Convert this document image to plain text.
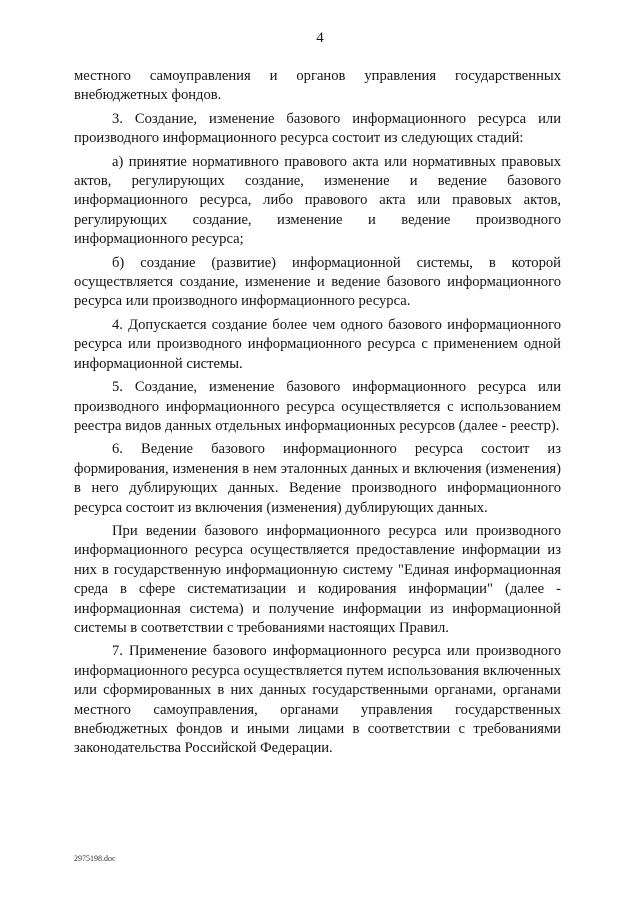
4

местного самоуправления и органов управления государственных внебюджетных фондов.

3. Создание, изменение базового информационного ресурса или производного информационного ресурса состоит из следующих стадий:

а) принятие нормативного правового акта или нормативных правовых актов, регулирующих создание, изменение и ведение базового информационного ресурса, либо правового акта или правовых актов, регулирующих создание, изменение и ведение производного информационного ресурса;

б) создание (развитие) информационной системы, в которой осуществляется создание, изменение и ведение базового информационного ресурса или производного информационного ресурса.

4. Допускается создание более чем одного базового информационного ресурса или производного информационного ресурса с применением одной информационной системы.

5. Создание, изменение базового информационного ресурса или производного информационного ресурса осуществляется с использованием реестра видов данных отдельных информационных ресурсов (далее - реестр).

6. Ведение базового информационного ресурса состоит из формирования, изменения в нем эталонных данных и включения (изменения) в него дублирующих данных. Ведение производного информационного ресурса состоит из включения (изменения) дублирующих данных.

При ведении базового информационного ресурса или производного информационного ресурса осуществляется предоставление информации из них в государственную информационную систему "Единая информационная среда в сфере систематизации и кодирования информации" (далее - информационная система) и получение информации из информационной системы в соответствии с требованиями настоящих Правил.

7. Применение базового информационного ресурса или производного информационного ресурса осуществляется путем использования включенных или сформированных в них данных государственными органами, органами местного самоуправления, органами управления государственных внебюджетных фондов и иными лицами в соответствии с требованиями законодательства Российской Федерации.

2975198.doc
